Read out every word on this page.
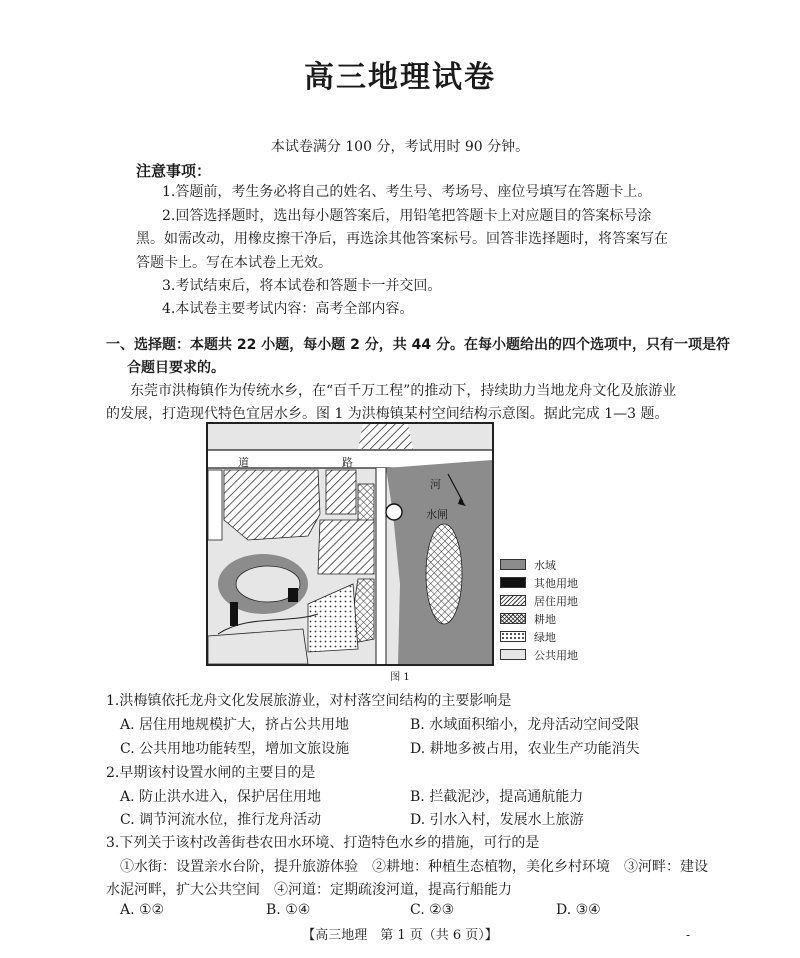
高三地理试卷
本试卷满分 100 分，考试用时 90 分钟。
注意事项：
1.答题前，考生务必将自己的姓名、考生号、考场号、座位号填写在答题卡上。
2.回答选择题时，选出每小题答案后，用铅笔把答题卡上对应题目的答案标号涂
黑。如需改动，用橡皮擦干净后，再选涂其他答案标号。回答非选择题时，将答案写在
答题卡上。写在本试卷上无效。
3.考试结束后，将本试卷和答题卡一并交回。
4.本试卷主要考试内容：高考全部内容。
一、选择题：本题共 22 小题，每小题 2 分，共 44 分。在每小题给出的四个选项中，只有一项是符
合题目要求的。
东莞市洪梅镇作为传统水乡，在“百千万工程”的推动下，持续助力当地龙舟文化及旅游业
的发展，打造现代特色宜居水乡。图 1 为洪梅镇某村空间结构示意图。据此完成 1—3 题。
道	路
河
水闸
水域
其他用地
居住用地
耕地
绿地
公共用地
图 1
1.洪梅镇依托龙舟文化发展旅游业，对村落空间结构的主要影响是
A. 居住用地规模扩大，挤占公共用地	B. 水域面积缩小，龙舟活动空间受限
C. 公共用地功能转型，增加文旅设施	D. 耕地多被占用，农业生产功能消失
2.早期该村设置水闸的主要目的是
A. 防止洪水进入，保护居住用地	B. 拦截泥沙，提高通航能力
C. 调节河流水位，推行龙舟活动	D. 引水入村，发展水上旅游
3.下列关于该村改善街巷农田水环境、打造特色水乡的措施，可行的是
①水街：设置亲水台阶，提升旅游体验　②耕地：种植生态植物，美化乡村环境　③河畔：建设
水泥河畔，扩大公共空间　④河道：定期疏浚河道，提高行船能力
A. ①②	B. ①④	C. ②③	D. ③④
【高三地理　第 1 页（共 6 页）】	-
